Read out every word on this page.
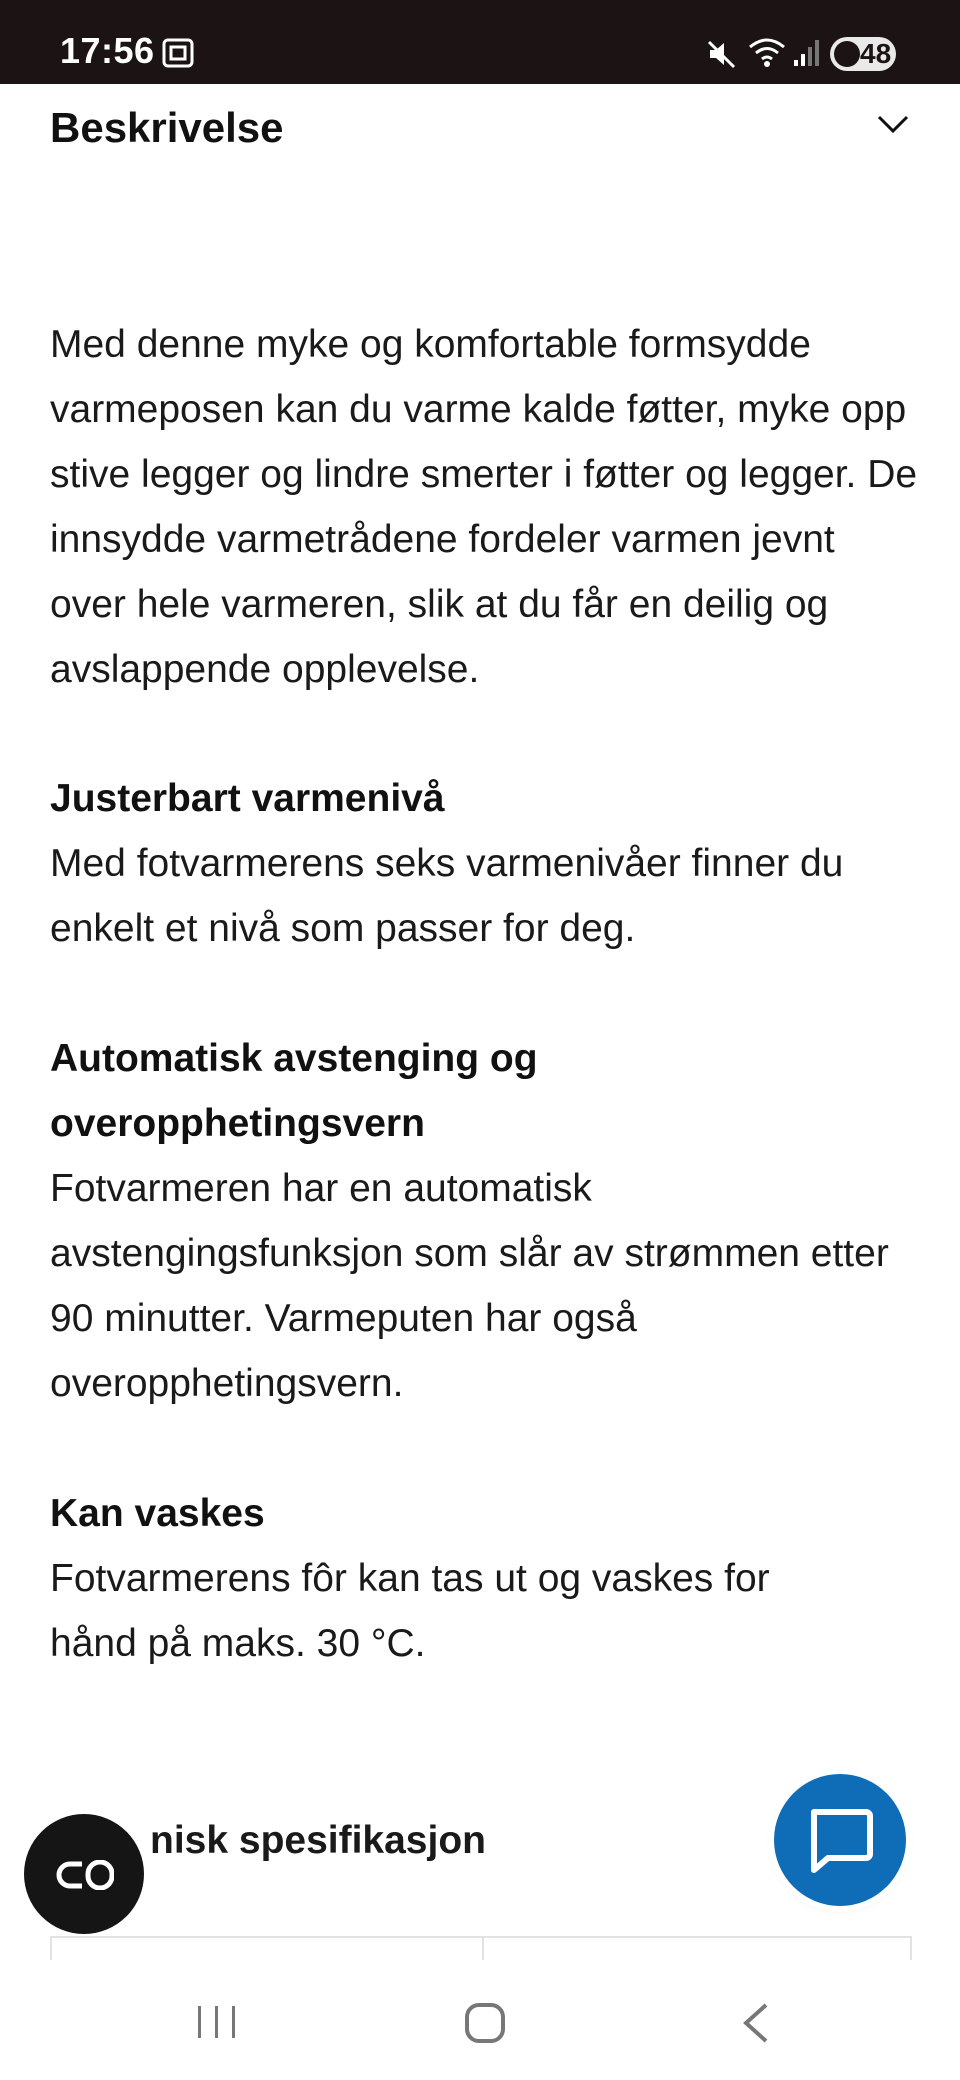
17:56	48
Beskrivelse

Med denne myke og komfortable formsydde varmeposen kan du varme kalde føtter, myke opp stive legger og lindre smerter i føtter og legger. De innsydde varmetrådene fordeler varmen jevnt over hele varmeren, slik at du får en deilig og avslappende opplevelse.

Justerbart varmenivå

Med fotvarmerens seks varmenivåer finner du enkelt et nivå som passer for deg.

Automatisk avstenging og overopphetingsvern

Fotvarmeren har en automatisk avstengingsfunksjon som slår av strømmen etter 90 minutter. Varmeputen har også overopphetingsvern.

Kan vaskes

Fotvarmerens fôr kan tas ut og vaskes for hånd på maks. 30 °C.

nisk spesifikasjon
